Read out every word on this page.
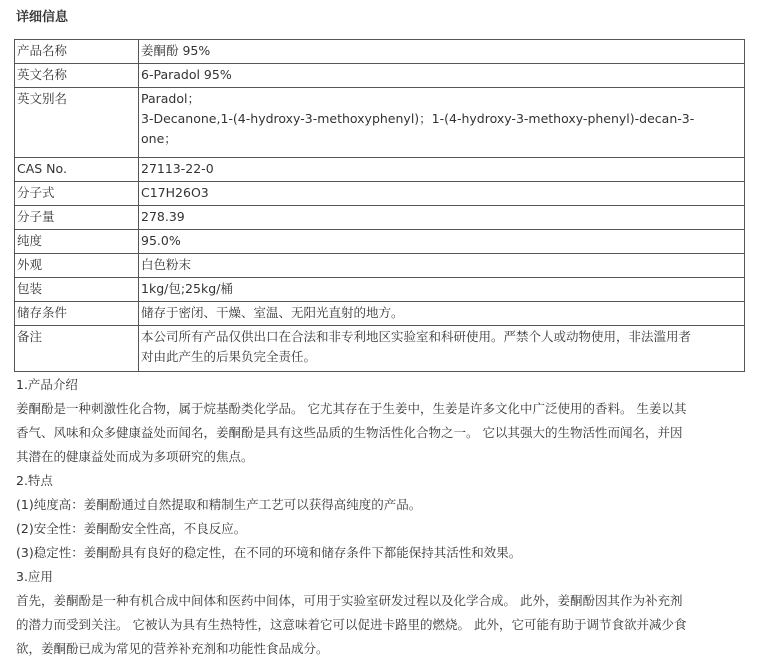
详细信息
产品名称	姜酮酚 95%

英文名称	6-Paradol 95%

英文别名	Paradol；
3-Decanone,1-(4-hydroxy-3-methoxyphenyl)；1-(4-hydroxy-3-methoxy-phenyl)-decan-3-
one；

CAS No.	27113-22-0

分子式	C17H26O3

分子量	278.39

纯度	95.0%

外观	白色粉末

包装	1kg/包;25kg/桶

储存条件	储存于密闭、干燥、室温、无阳光直射的地方。

备注	本公司所有产品仅供出口在合法和非专利地区实验室和科研使用。严禁个人或动物使用，非法滥用者
对由此产生的后果负完全责任。

1.产品介绍

姜酮酚是一种刺激性化合物，属于烷基酚类化学品。 它尤其存在于生姜中，生姜是许多文化中广泛使用的香料。 生姜以其

香气、风味和众多健康益处而闻名，姜酮酚是具有这些品质的生物活性化合物之一。 它以其强大的生物活性而闻名，并因

其潜在的健康益处而成为多项研究的焦点。

2.特点

(1)纯度高：姜酮酚通过自然提取和精制生产工艺可以获得高纯度的产品。

(2)安全性：姜酮酚安全性高，不良反应。

(3)稳定性：姜酮酚具有良好的稳定性，在不同的环境和储存条件下都能保持其活性和效果。

3.应用

首先，姜酮酚是一种有机合成中间体和医药中间体，可用于实验室研发过程以及化学合成。 此外，姜酮酚因其作为补充剂

的潜力而受到关注。 它被认为具有生热特性，这意味着它可以促进卡路里的燃烧。 此外，它可能有助于调节食欲并减少食

欲，姜酮酚已成为常见的营养补充剂和功能性食品成分。
